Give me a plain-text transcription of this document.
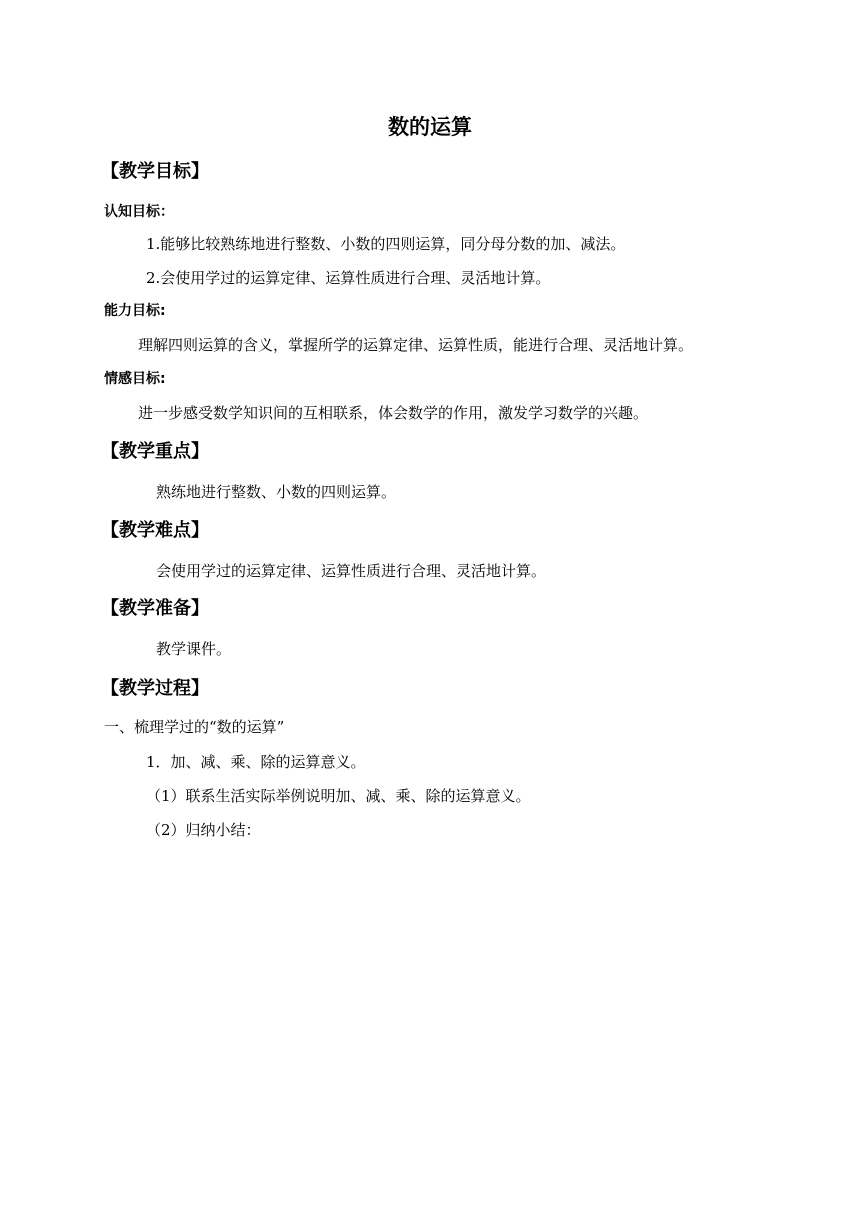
数的运算
【教学目标】
认知目标：
1.能够比较熟练地进行整数、小数的四则运算，同分母分数的加、减法。
2.会使用学过的运算定律、运算性质进行合理、灵活地计算。
能力目标:
理解四则运算的含义，掌握所学的运算定律、运算性质，能进行合理、灵活地计算。
情感目标:
进一步感受数学知识间的互相联系，体会数学的作用，激发学习数学的兴趣。
【教学重点】
熟练地进行整数、小数的四则运算。
【教学难点】
会使用学过的运算定律、运算性质进行合理、灵活地计算。
【教学准备】
教学课件。
【教学过程】
一、梳理学过的“数的运算”
1．加、减、乘、除的运算意义。
（1）联系生活实际举例说明加、减、乘、除的运算意义。
（2）归纳小结：
